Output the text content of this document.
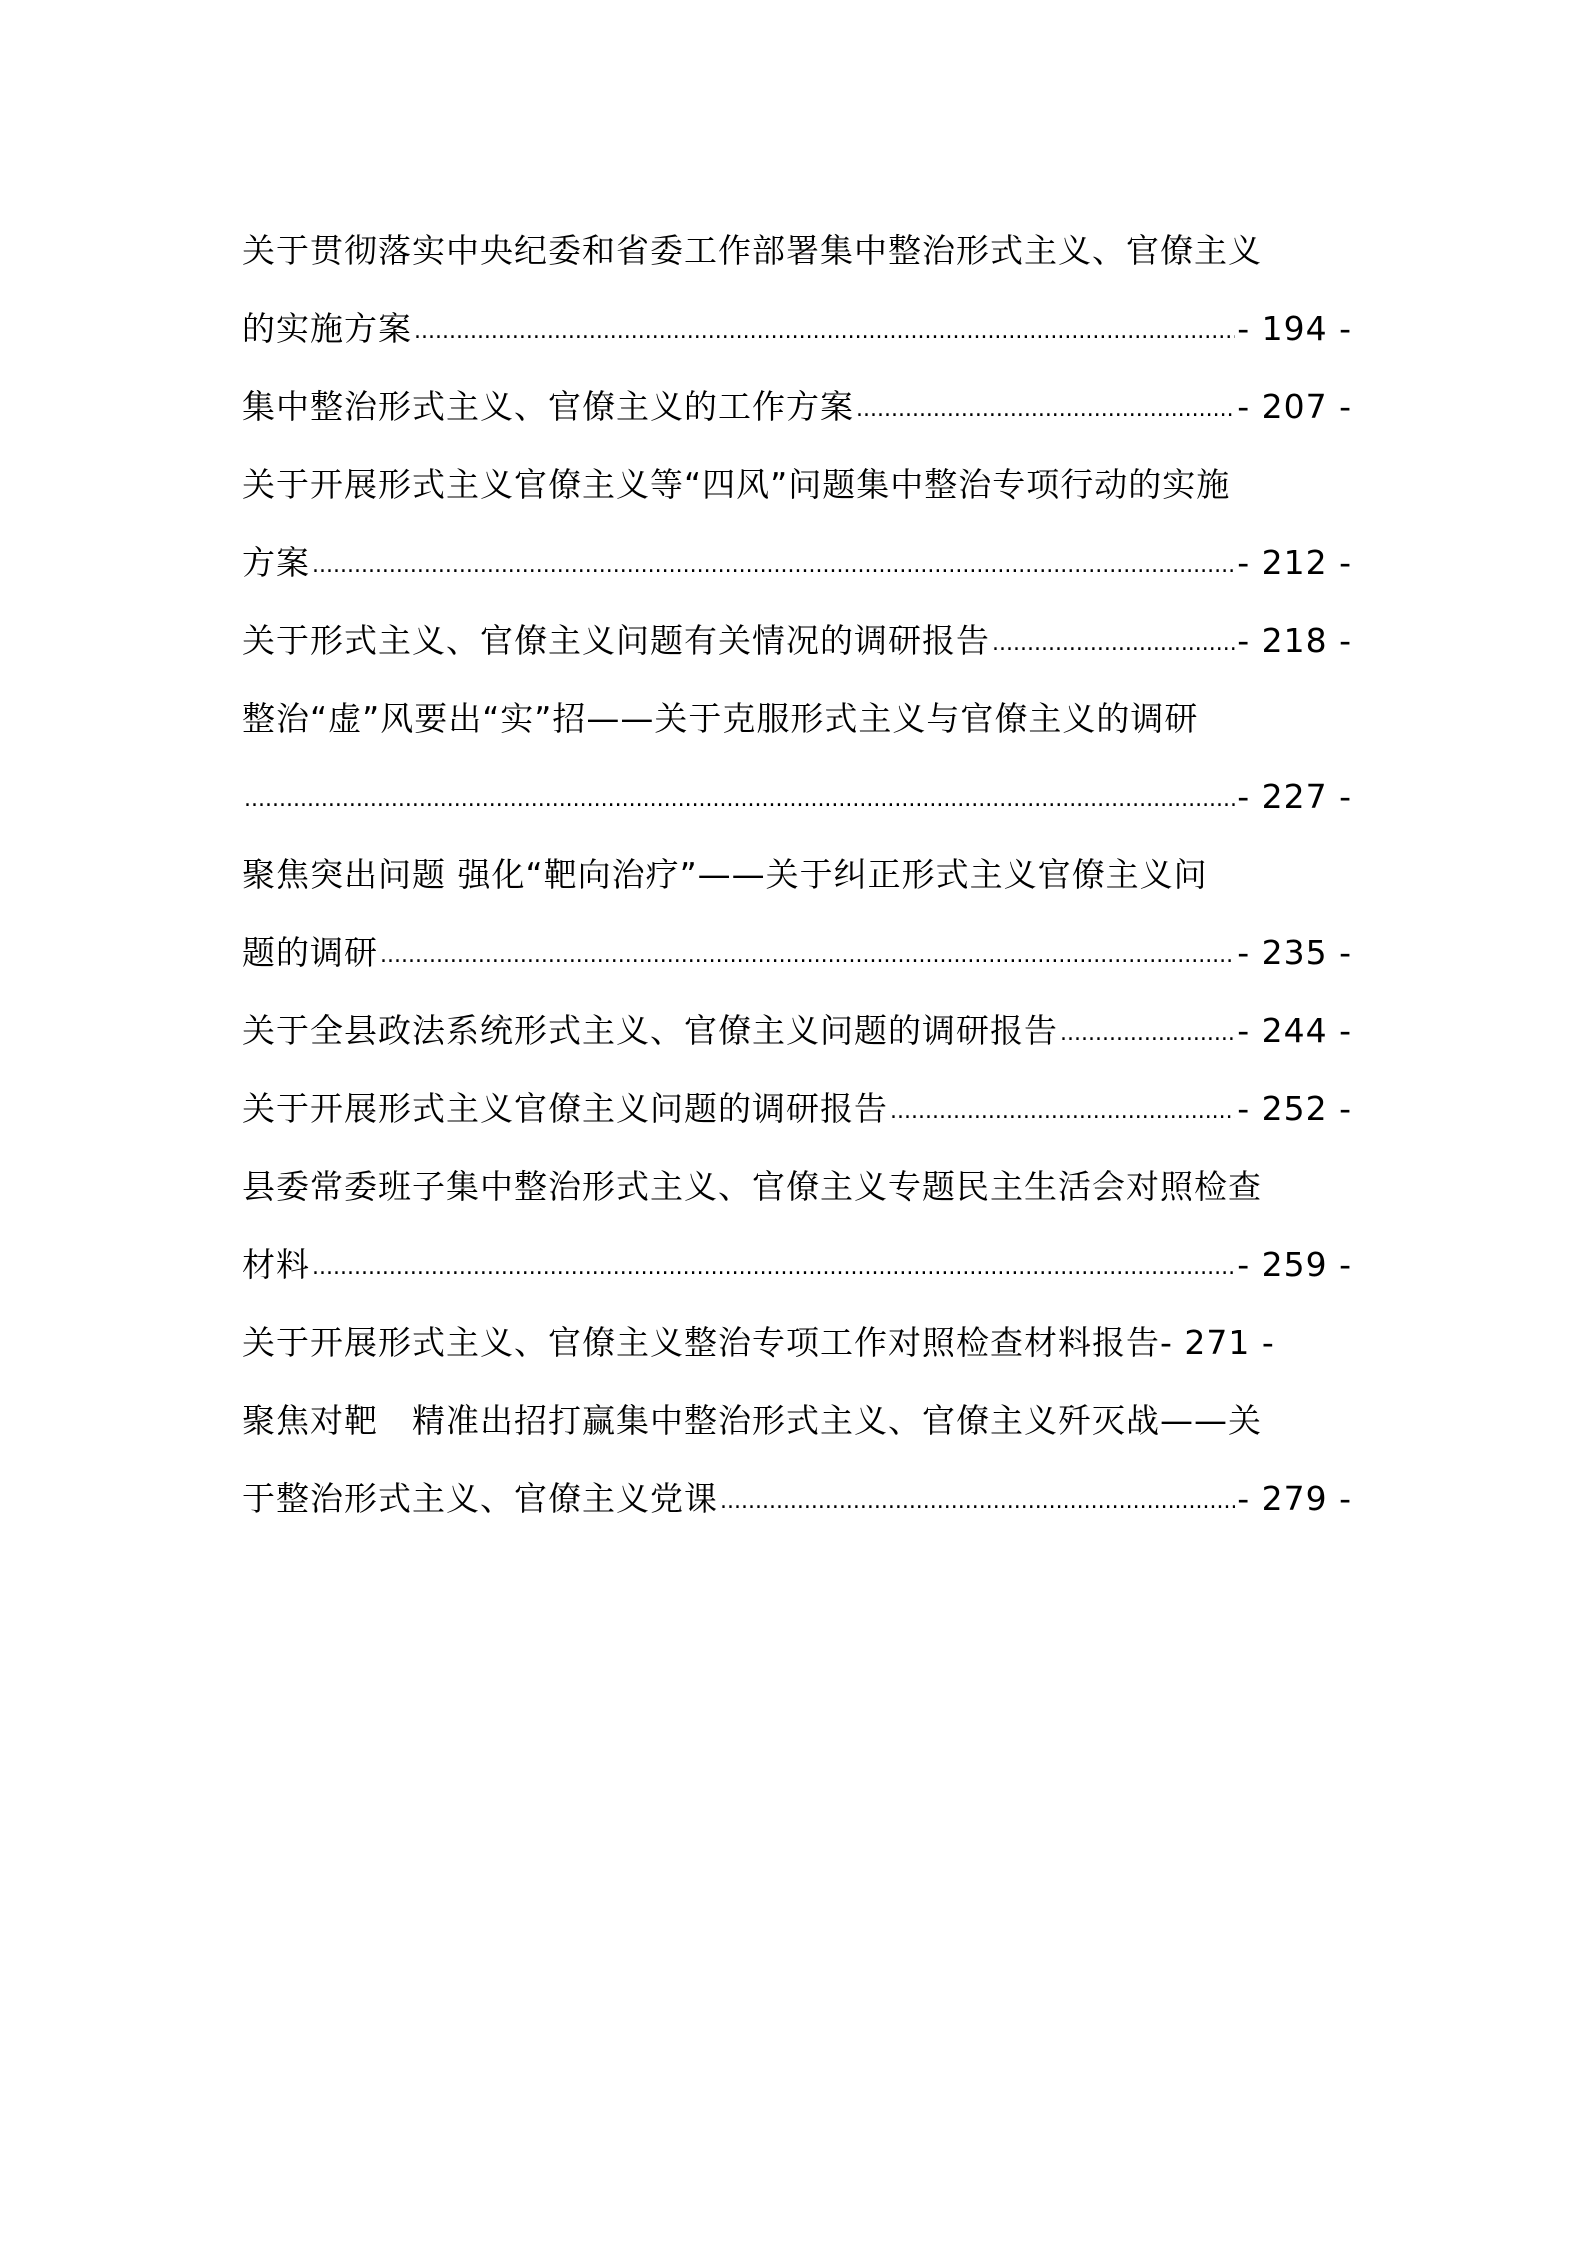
关于贯彻落实中央纪委和省委工作部署集中整治形式主义、官僚主义
的实施方案 .....	- 194 -
集中整治形式主义、官僚主义的工作方案 .....	- 207 -
关于开展形式主义官僚主义等“四风”问题集中整治专项行动的实施
方案 .....	- 212 -
关于形式主义、官僚主义问题有关情况的调研报告 .....	- 218 -
整治“虚”风要出“实”招——关于克服形式主义与官僚主义的调研
.....
- 227 -
聚焦突出问题 强化“靶向治疗”——关于纠正形式主义官僚主义问
题的调研 .....	- 235 -
关于全县政法系统形式主义、官僚主义问题的调研报告 .....	- 244 -
关于开展形式主义官僚主义问题的调研报告 .....	- 252 -
县委常委班子集中整治形式主义、官僚主义专题民主生活会对照检查
材料 .....	- 259 -
关于开展形式主义、官僚主义整治专项工作对照检查材料报告 - 271 -
聚焦对靶　精准出招打赢集中整治形式主义、官僚主义歼灭战——关
于整治形式主义、官僚主义党课 .....	- 279 -
